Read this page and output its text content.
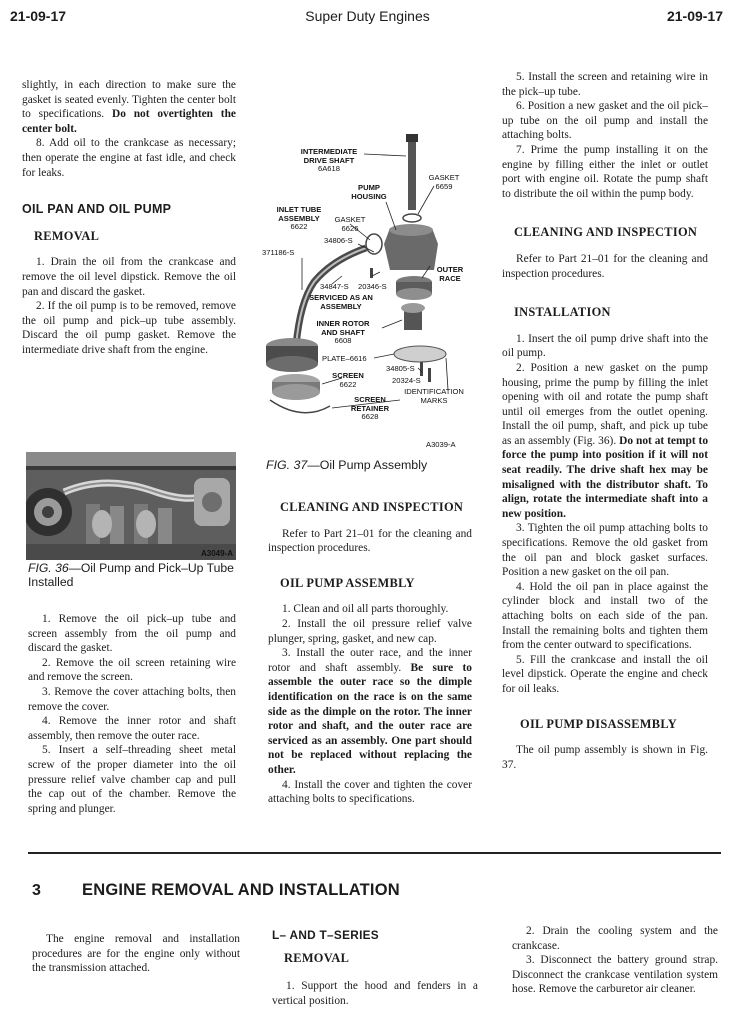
21-09-17	Super Duty Engines	21-09-17

slightly, in each direction to make sure the gasket is seated evenly. Tighten the center bolt to specifications. Do not overtighten the center bolt.

8. Add oil to the crankcase as necessary; then operate the engine at fast idle, and check for leaks.

OIL PAN AND OIL PUMP

REMOVAL

1. Drain the oil from the crankcase and remove the oil level dipstick. Remove the oil pan and discard the gasket.

2. If the oil pump is to be removed, remove the oil pump and pick–up tube assembly. Discard the oil pump gasket. Remove the intermediate drive shaft from the engine.

A3049-A
FIG. 36—Oil Pump and Pick–Up Tube Installed

1. Remove the oil pick–up tube and screen assembly from the oil pump and discard the gasket.

2. Remove the oil screen retaining wire and remove the screen.

3. Remove the cover attaching bolts, then remove the cover.

4. Remove the inner rotor and shaft assembly, then remove the outer race.

5. Insert a self–threading sheet metal screw of the proper diameter into the oil pressure relief valve chamber cap and pull the cap out of the chamber. Remove the spring and plunger.

INTERMEDIATE DRIVE SHAFT
6A618
GASKET
6659
PUMP HOUSING
INLET TUBE ASSEMBLY
6622
GASKET
6626
34806-S
371186-S
34847-S 20346-S
OUTER RACE
SERVICED AS AN ASSEMBLY
INNER ROTOR AND SHAFT
6608
PLATE–6616
SCREEN
6622
34805-S
20324-S
IDENTIFICATION MARKS
SCREEN RETAINER
6628
A3039-A
FIG. 37—Oil Pump Assembly

CLEANING AND INSPECTION

Refer to Part 21–01 for the cleaning and inspection procedures.

OIL PUMP ASSEMBLY

1. Clean and oil all parts thoroughly.

2. Install the oil pressure relief valve plunger, spring, gasket, and new cap.

3. Install the outer race, and the inner rotor and shaft assembly. Be sure to assemble the outer race so the dimple identification on the race is on the same side as the dimple on the rotor. The inner rotor and shaft, and the outer race are serviced as an assembly. One part should not be replaced without replacing the other.

4. Install the cover and tighten the cover attaching bolts to specifications.

5. Install the screen and retaining wire in the pick–up tube.

6. Position a new gasket and the oil pick–up tube on the oil pump and install the attaching bolts.

7. Prime the pump installing it on the engine by filling either the inlet or outlet port with engine oil. Rotate the pump shaft to distribute the oil within the pump body.

CLEANING AND INSPECTION

Refer to Part 21–01 for the cleaning and inspection procedures.

INSTALLATION

1. Insert the oil pump drive shaft into the oil pump.

2. Position a new gasket on the pump housing, prime the pump by filling the inlet opening with oil and rotate the pump shaft until oil emerges from the outlet opening. Install the oil pump, shaft, and pick up tube as an assembly (Fig. 36). Do not at tempt to force the pump into position if it will not seat readily. The drive shaft hex may be misaligned with the distributor shaft. To align, rotate the intermediate shaft into a new position.

3. Tighten the oil pump attaching bolts to specifications. Remove the old gasket from the oil pan and block gasket surfaces. Position a new gasket on the oil pan.

4. Hold the oil pan in place against the cylinder block and install two of the attaching bolts on each side of the pan. Install the remaining bolts and tighten them from the center outward to specifications.

5. Fill the crankcase and install the oil level dipstick. Operate the engine and check for oil leaks.

OIL PUMP DISASSEMBLY

The oil pump assembly is shown in Fig. 37.

3 ENGINE REMOVAL AND INSTALLATION

The engine removal and installation procedures are for the engine only without the transmission attached.

L– AND T–SERIES

REMOVAL

1. Support the hood and fenders in a vertical position.

2. Drain the cooling system and the crankcase.

3. Disconnect the battery ground strap. Disconnect the crankcase ventilation system hose. Remove the carburetor air cleaner.
